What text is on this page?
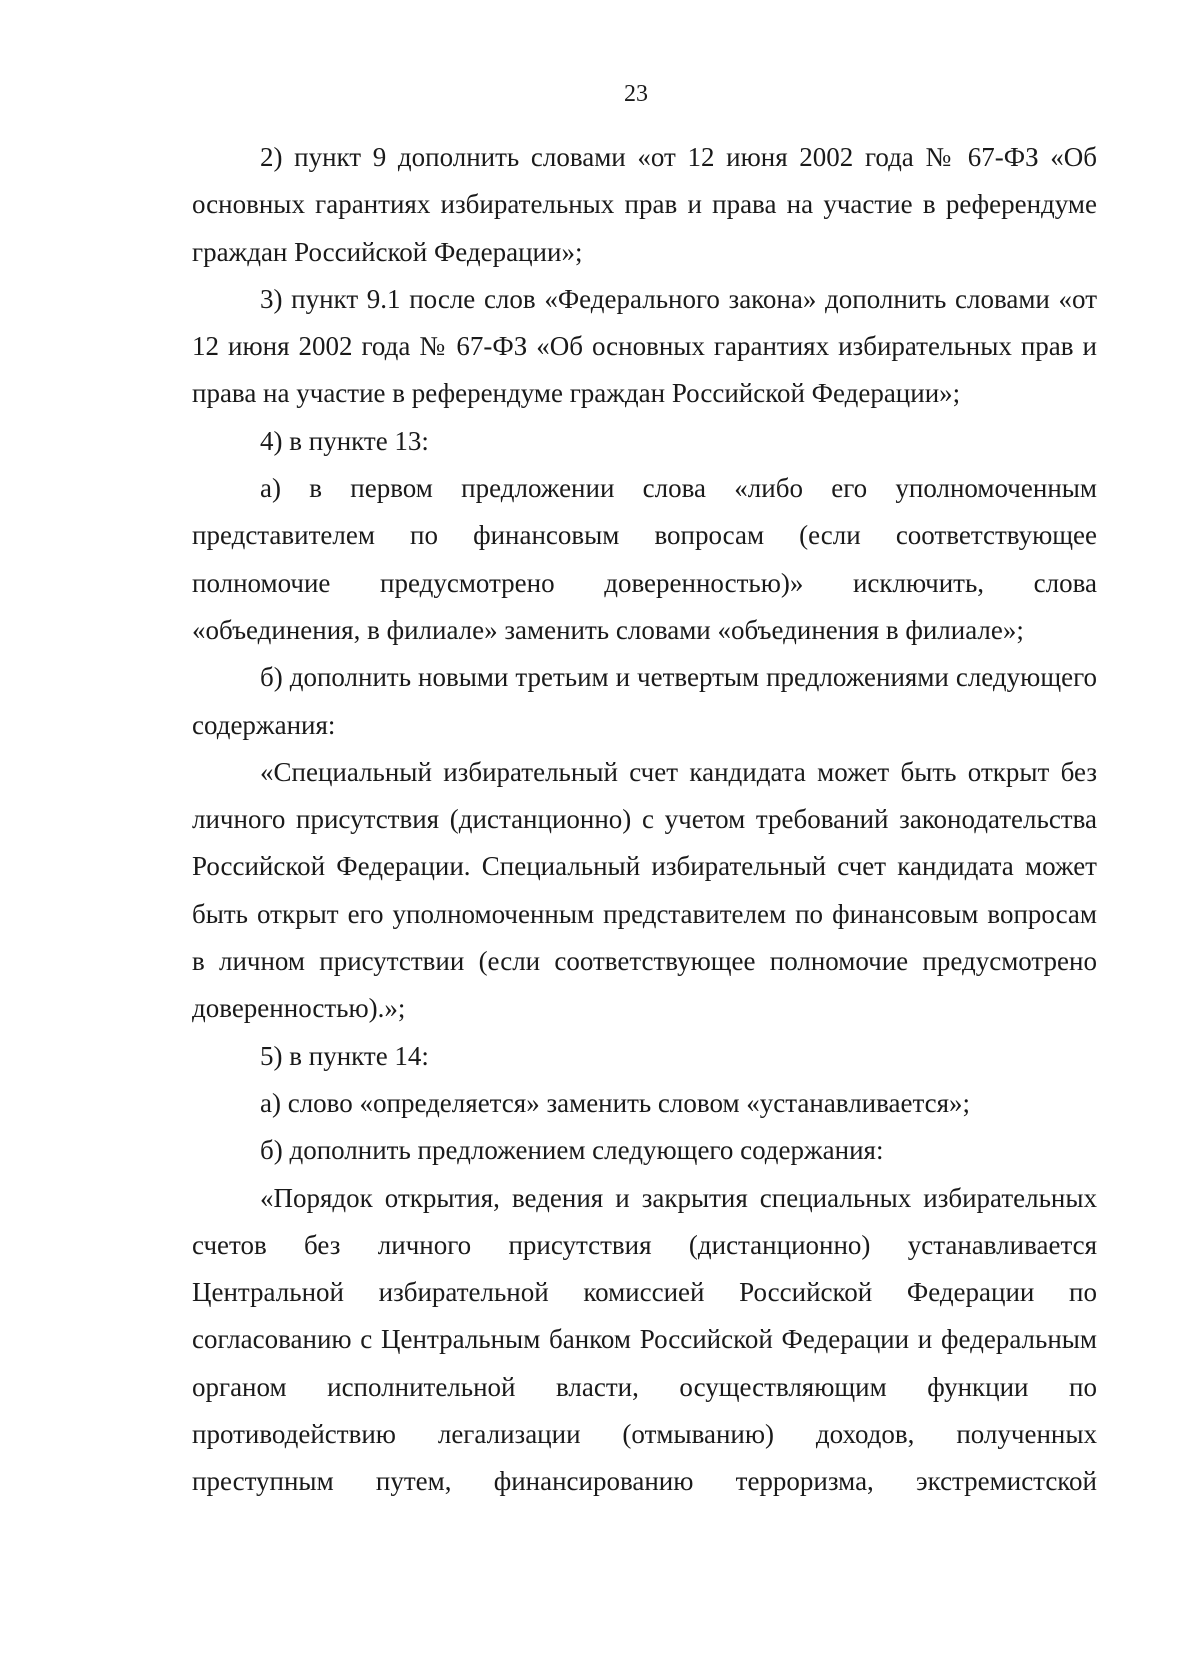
23

2) пункт 9 дополнить словами «от 12 июня 2002 года № 67-ФЗ «Об основных гарантиях избирательных прав и права на участие в референдуме граждан Российской Федерации»;

3) пункт 9.1 после слов «Федерального закона» дополнить словами «от 12 июня 2002 года № 67-ФЗ «Об основных гарантиях избирательных прав и права на участие в референдуме граждан Российской Федерации»;

4) в пункте 13:

а) в первом предложении слова «либо его уполномоченным представителем по финансовым вопросам (если соответствующее полномочие предусмотрено доверенностью)» исключить, слова «объединения, в филиале» заменить словами «объединения в филиале»;

б) дополнить новыми третьим и четвертым предложениями следующего содержания:

«Специальный избирательный счет кандидата может быть открыт без личного присутствия (дистанционно) с учетом требований законодательства Российской Федерации. Специальный избирательный счет кандидата может быть открыт его уполномоченным представителем по финансовым вопросам в личном присутствии (если соответствующее полномочие предусмотрено доверенностью).»;

5) в пункте 14:

а) слово «определяется» заменить словом «устанавливается»;

б) дополнить предложением следующего содержания:

«Порядок открытия, ведения и закрытия специальных избирательных счетов без личного присутствия (дистанционно) устанавливается Центральной избирательной комиссией Российской Федерации по согласованию с Центральным банком Российской Федерации и федеральным органом исполнительной власти, осуществляющим функции по противодействию легализации (отмыванию) доходов, полученных преступным путем, финансированию терроризма, экстремистской
